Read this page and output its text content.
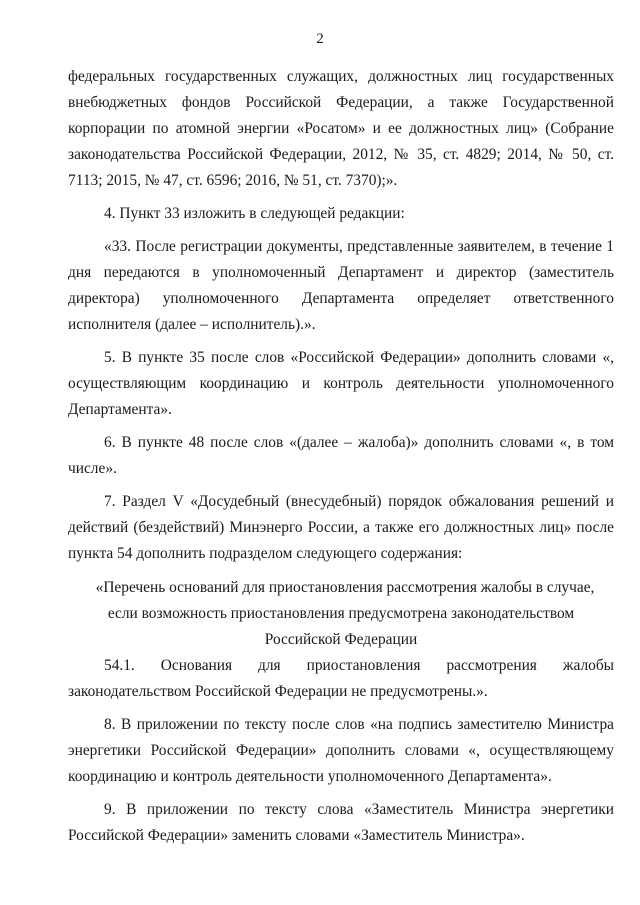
2

федеральных государственных служащих, должностных лиц государственных внебюджетных фондов Российской Федерации, а также Государственной корпорации по атомной энергии «Росатом» и ее должностных лиц» (Собрание законодательства Российской Федерации, 2012, № 35, ст. 4829; 2014, № 50, ст. 7113; 2015, № 47, ст. 6596; 2016, № 51, ст. 7370);».

4. Пункт 33 изложить в следующей редакции:

«33. После регистрации документы, представленные заявителем, в течение 1 дня передаются в уполномоченный Департамент и директор (заместитель директора) уполномоченного Департамента определяет ответственного исполнителя (далее – исполнитель).».

5. В пункте 35 после слов «Российской Федерации» дополнить словами «, осуществляющим координацию и контроль деятельности уполномоченного Департамента».

6. В пункте 48 после слов «(далее – жалоба)» дополнить словами «, в том числе».

7. Раздел V «Досудебный (внесудебный) порядок обжалования решений и действий (бездействий) Минэнерго России, а также его должностных лиц» после пункта 54 дополнить подразделом следующего содержания:

«Перечень оснований для приостановления рассмотрения жалобы в случае,
если возможность приостановления предусмотрена законодательством
Российской Федерации

54.1. Основания для приостановления рассмотрения жалобы законодательством Российской Федерации не предусмотрены.».

8. В приложении по тексту после слов «на подпись заместителю Министра энергетики Российской Федерации» дополнить словами «, осуществляющему координацию и контроль деятельности уполномоченного Департамента».

9. В приложении по тексту слова «Заместитель Министра энергетики Российской Федерации» заменить словами «Заместитель Министра».
